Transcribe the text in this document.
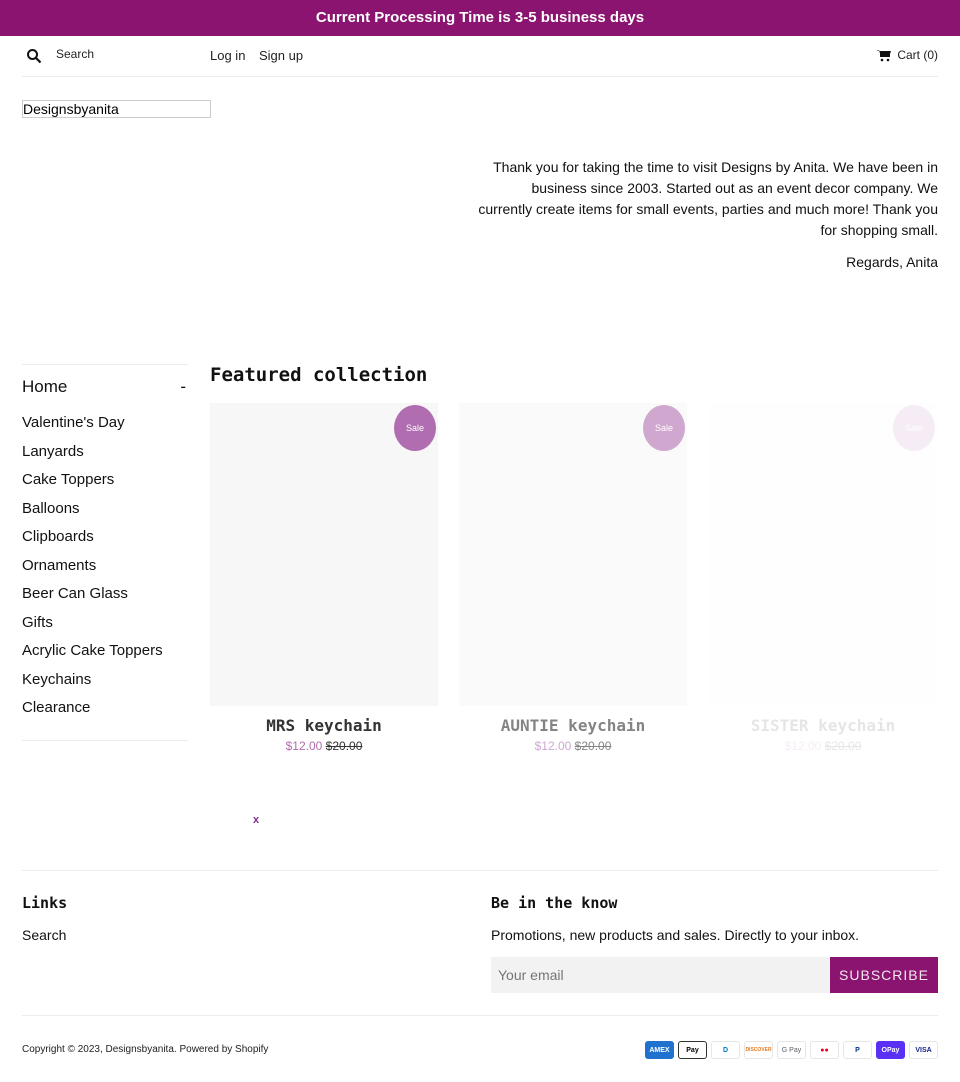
Current Processing Time is 3-5 business days
Search	Log in Sign up	Cart (0)
Designsbyanita

Thank you for taking the time to visit Designs by Anita. We have been in business since 2003. Started out as an event decor company. We currently create items for small events, parties and much more! Thank you for shopping small.

Regards, Anita

Home	-
Valentine's Day
Lanyards
Cake Toppers
Balloons
Clipboards
Ornaments
Beer Can Glass
Gifts
Acrylic Cake Toppers
Keychains
Clearance
Featured collection
Sale
MRS keychain
$12.00 $20.00
Sale
AUNTIE keychain
$12.00 $20.00
Sale
SISTER keychain
$12.00 $20.00
x
Links
Search
Be in the know

Promotions, new products and sales. Directly to your inbox.

Your email
SUBSCRIBE

Copyright © 2023, Designsbyanita. Powered by Shopify	AMEX	Pay	D	DISCOVER	G Pay	●●	P	OPay	VISA
